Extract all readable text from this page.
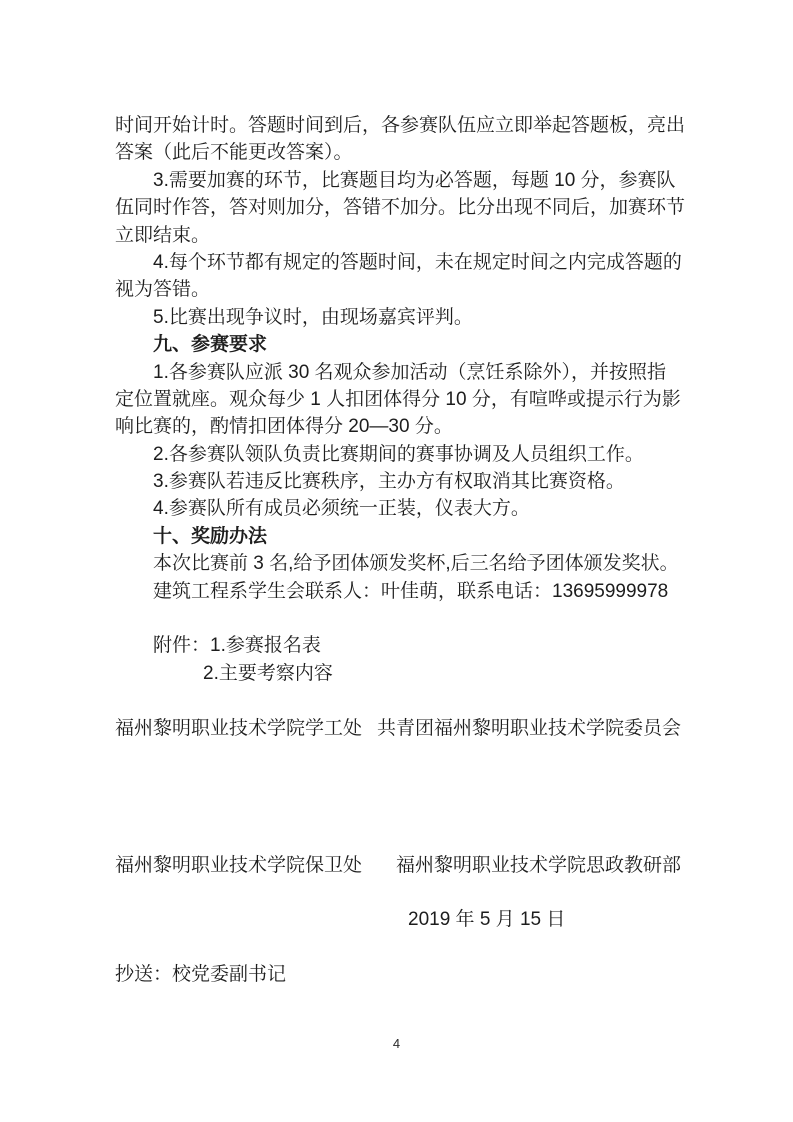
时间开始计时。答题时间到后，各参赛队伍应立即举起答题板，亮出
答案（此后不能更改答案）。
3.需要加赛的环节，比赛题目均为必答题，每题 10 分，参赛队
伍同时作答，答对则加分，答错不加分。比分出现不同后，加赛环节
立即结束。
4.每个环节都有规定的答题时间，未在规定时间之内完成答题的
视为答错。
5.比赛出现争议时，由现场嘉宾评判。
九、参赛要求
1.各参赛队应派 30 名观众参加活动（烹饪系除外），并按照指
定位置就座。观众每少 1 人扣团体得分 10 分，有喧哗或提示行为影
响比赛的，酌情扣团体得分 20—30 分。
2.各参赛队领队负责比赛期间的赛事协调及人员组织工作。
3.参赛队若违反比赛秩序，主办方有权取消其比赛资格。
4.参赛队所有成员必须统一正装，仪表大方。
十、奖励办法
本次比赛前 3 名,给予团体颁发奖杯,后三名给予团体颁发奖状。
建筑工程系学生会联系人：叶佳萌，联系电话：13695999978
附件：1.参赛报名表
2.主要考察内容
福州黎明职业技术学院学工处 共青团福州黎明职业技术学院委员会
福州黎明职业技术学院保卫处 福州黎明职业技术学院思政教研部
2019 年 5 月 15 日
抄送：校党委副书记
4
